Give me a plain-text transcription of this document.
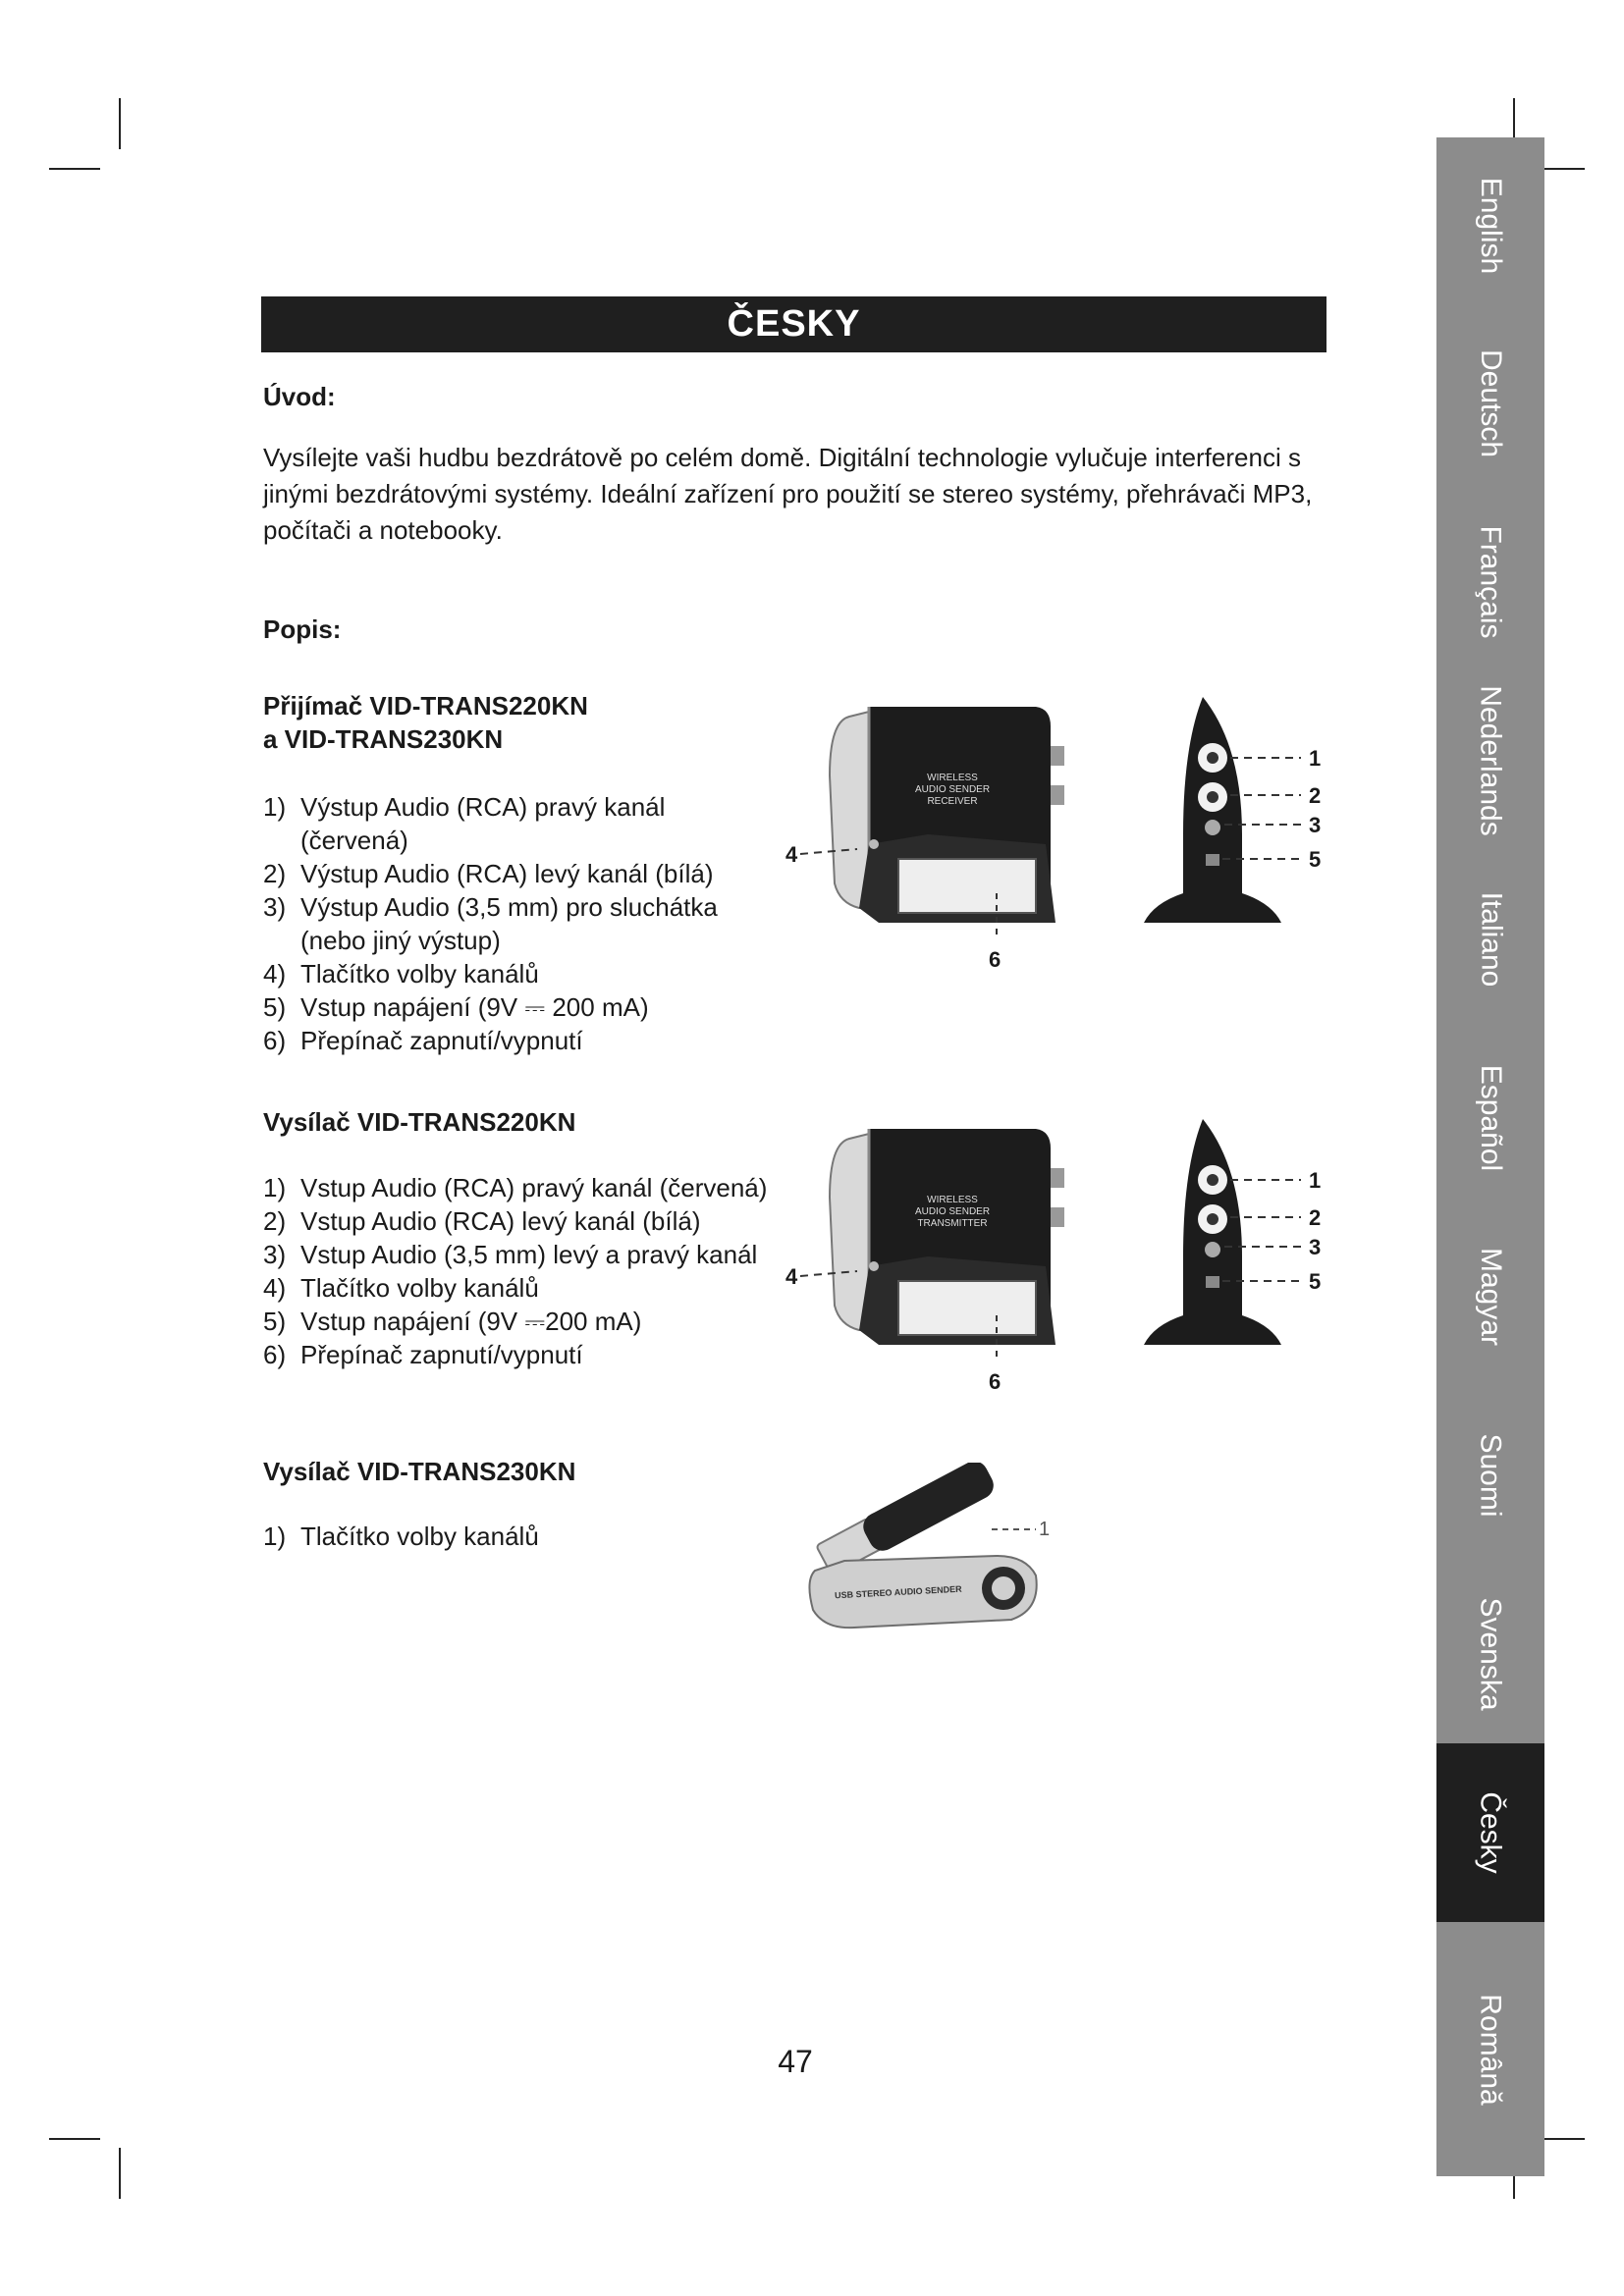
ČESKY
Úvod:
Vysílejte vaši hudbu bezdrátově po celém domě. Digitální technologie vylučuje interferenci s jinými bezdrátovými systémy. Ideální zařízení pro použití se stereo systémy, přehrávači MP3, počítači a notebooky.
Popis:
Přijímač VID-TRANS220KN
a VID-TRANS230KN
1) Výstup Audio (RCA) pravý kanál (červená)
2) Výstup Audio (RCA) levý kanál (bílá)
3) Výstup Audio (3,5 mm) pro sluchátka (nebo jiný výstup)
4) Tlačítko volby kanálů
5) Vstup napájení (9V ⎓ 200 mA)
6) Přepínač zapnutí/vypnutí
WIRELESS
AUDIO SENDER
RECEIVER
4
6
1
2
3
5
Vysílač VID-TRANS220KN
1) Vstup Audio (RCA) pravý kanál (červená)
2) Vstup Audio (RCA) levý kanál (bílá)
3) Vstup Audio (3,5 mm) levý a pravý kanál
4) Tlačítko volby kanálů
5) Vstup napájení (9V ⎓200 mA)
6) Přepínač zapnutí/vypnutí
WIRELESS
AUDIO SENDER
TRANSMITTER
4
6
1
2
3
5
Vysílač VID-TRANS230KN
1) Tlačítko volby kanálů
USB STEREO AUDIO SENDER
1
47
English
Deutsch
Français
Nederlands
Italiano
Español
Magyar
Suomi
Svenska
Česky
Română
